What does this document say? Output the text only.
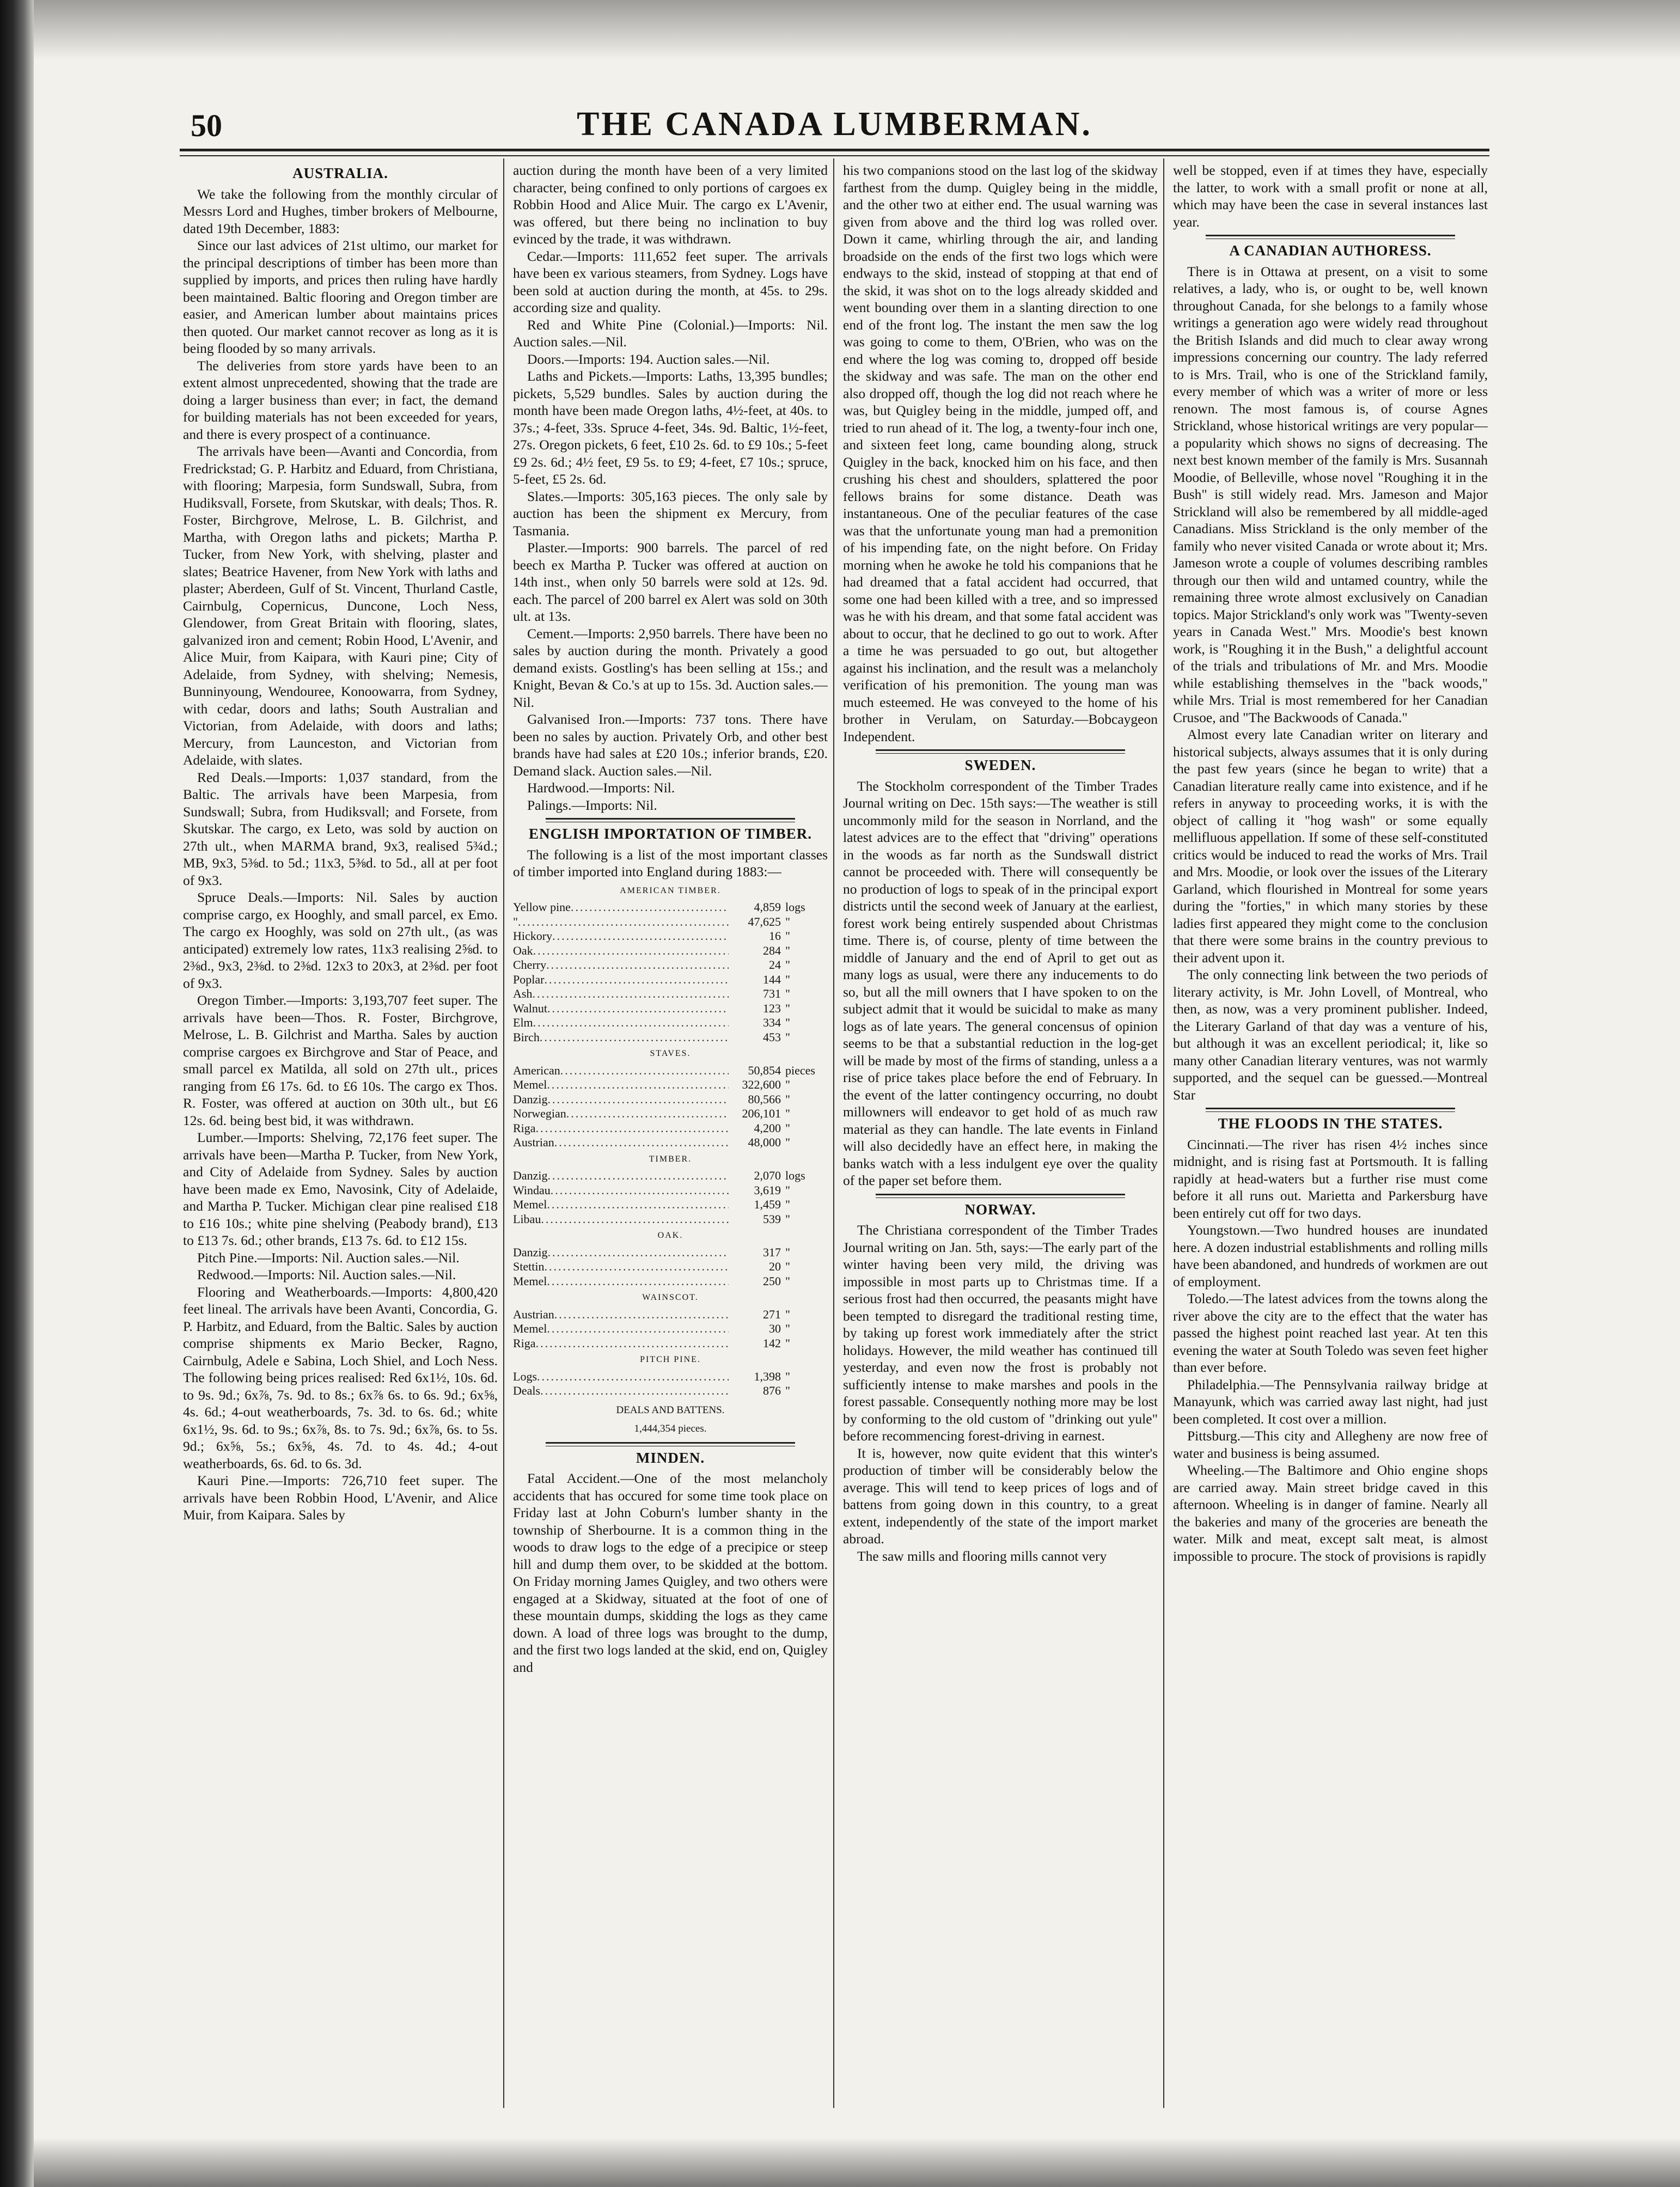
50	THE CANADA LUMBERMAN.
AUSTRALIA.

We take the following from the monthly circular of Messrs Lord and Hughes, timber brokers of Melbourne, dated 19th December, 1883:

Since our last advices of 21st ultimo, our market for the principal descriptions of timber has been more than supplied by imports, and prices then ruling have hardly been maintained. Baltic flooring and Oregon timber are easier, and American lumber about maintains prices then quoted. Our market cannot recover as long as it is being flooded by so many arrivals.

The deliveries from store yards have been to an extent almost unprecedented, showing that the trade are doing a larger business than ever; in fact, the demand for building materials has not been exceeded for years, and there is every prospect of a continuance.

The arrivals have been—Avanti and Concordia, from Fredrickstad; G. P. Harbitz and Eduard, from Christiana, with flooring; Marpesia, form Sundswall, Subra, from Hudiksvall, Forsete, from Skutskar, with deals; Thos. R. Foster, Birchgrove, Melrose, L. B. Gilchrist, and Martha, with Oregon laths and pickets; Martha P. Tucker, from New York, with shelving, plaster and slates; Beatrice Havener, from New York with laths and plaster; Aberdeen, Gulf of St. Vincent, Thurland Castle, Cairnbulg, Copernicus, Duncone, Loch Ness, Glendower, from Great Britain with flooring, slates, galvanized iron and cement; Robin Hood, L'Avenir, and Alice Muir, from Kaipara, with Kauri pine; City of Adelaide, from Sydney, with shelving; Nemesis, Bunninyoung, Wendouree, Konoowarra, from Sydney, with cedar, doors and laths; South Australian and Victorian, from Adelaide, with doors and laths; Mercury, from Launceston, and Victorian from Adelaide, with slates.

Red Deals.—Imports: 1,037 standard, from the Baltic. The arrivals have been Marpesia, from Sundswall; Subra, from Hudiksvall; and Forsete, from Skutskar. The cargo, ex Leto, was sold by auction on 27th ult., when MARMA brand, 9x3, realised 5¾d.; MB, 9x3, 5⅜d. to 5d.; 11x3, 5⅜d. to 5d., all at per foot of 9x3.

Spruce Deals.—Imports: Nil. Sales by auction comprise cargo, ex Hooghly, and small parcel, ex Emo. The cargo ex Hooghly, was sold on 27th ult., (as was anticipated) extremely low rates, 11x3 realising 2⅝d. to 2⅜d., 9x3, 2⅜d. to 2⅜d. 12x3 to 20x3, at 2⅜d. per foot of 9x3.

Oregon Timber.—Imports: 3,193,707 feet super. The arrivals have been—Thos. R. Foster, Birchgrove, Melrose, L. B. Gilchrist and Martha. Sales by auction comprise cargoes ex Birchgrove and Star of Peace, and small parcel ex Matilda, all sold on 27th ult., prices ranging from £6 17s. 6d. to £6 10s. The cargo ex Thos. R. Foster, was offered at auction on 30th ult., but £6 12s. 6d. being best bid, it was withdrawn.

Lumber.—Imports: Shelving, 72,176 feet super. The arrivals have been—Martha P. Tucker, from New York, and City of Adelaide from Sydney. Sales by auction have been made ex Emo, Navosink, City of Adelaide, and Martha P. Tucker. Michigan clear pine realised £18 to £16 10s.; white pine shelving (Peabody brand), £13 to £13 7s. 6d.; other brands, £13 7s. 6d. to £12 15s.

Pitch Pine.—Imports: Nil. Auction sales.—Nil.

Redwood.—Imports: Nil. Auction sales.—Nil.

Flooring and Weatherboards.—Imports: 4,800,420 feet lineal. The arrivals have been Avanti, Concordia, G. P. Harbitz, and Eduard, from the Baltic. Sales by auction comprise shipments ex Mario Becker, Ragno, Cairnbulg, Adele e Sabina, Loch Shiel, and Loch Ness. The following being prices realised: Red 6x1½, 10s. 6d. to 9s. 9d.; 6x⅞, 7s. 9d. to 8s.; 6x⅞ 6s. to 6s. 9d.; 6x⅝, 4s. 6d.; 4-out weatherboards, 7s. 3d. to 6s. 6d.; white 6x1½, 9s. 6d. to 9s.; 6x⅞, 8s. to 7s. 9d.; 6x⅞, 6s. to 5s. 9d.; 6x⅝, 5s.; 6x⅝, 4s. 7d. to 4s. 4d.; 4-out weatherboards, 6s. 6d. to 6s. 3d.

Kauri Pine.—Imports: 726,710 feet super. The arrivals have been Robbin Hood, L'Avenir, and Alice Muir, from Kaipara. Sales by

auction during the month have been of a very limited character, being confined to only portions of cargoes ex Robbin Hood and Alice Muir. The cargo ex L'Avenir, was offered, but there being no inclination to buy evinced by the trade, it was withdrawn.

Cedar.—Imports: 111,652 feet super. The arrivals have been ex various steamers, from Sydney. Logs have been sold at auction during the month, at 45s. to 29s. according size and quality.

Red and White Pine (Colonial.)—Imports: Nil. Auction sales.—Nil.

Doors.—Imports: 194. Auction sales.—Nil.

Laths and Pickets.—Imports: Laths, 13,395 bundles; pickets, 5,529 bundles. Sales by auction during the month have been made Oregon laths, 4½-feet, at 40s. to 37s.; 4-feet, 33s. Spruce 4-feet, 34s. 9d. Baltic, 1½-feet, 27s. Oregon pickets, 6 feet, £10 2s. 6d. to £9 10s.; 5-feet £9 2s. 6d.; 4½ feet, £9 5s. to £9; 4-feet, £7 10s.; spruce, 5-feet, £5 2s. 6d.

Slates.—Imports: 305,163 pieces. The only sale by auction has been the shipment ex Mercury, from Tasmania.

Plaster.—Imports: 900 barrels. The parcel of red beech ex Martha P. Tucker was offered at auction on 14th inst., when only 50 barrels were sold at 12s. 9d. each. The parcel of 200 barrel ex Alert was sold on 30th ult. at 13s.

Cement.—Imports: 2,950 barrels. There have been no sales by auction during the month. Privately a good demand exists. Gostling's has been selling at 15s.; and Knight, Bevan & Co.'s at up to 15s. 3d. Auction sales.—Nil.

Galvanised Iron.—Imports: 737 tons. There have been no sales by auction. Privately Orb, and other best brands have had sales at £20 10s.; inferior brands, £20. Demand slack. Auction sales.—Nil.

Hardwood.—Imports: Nil.

Palings.—Imports: Nil.

ENGLISH IMPORTATION OF TIMBER.

The following is a list of the most important classes of timber imported into England during 1883:—

AMERICAN TIMBER.
Yellow pine .....	4,859 logs
" .....	47,625 "
Hickory .....	16 "
Oak .....	284 "
Cherry .....	24 "
Poplar .....	144 "
Ash .....	731 "
Walnut .....	123 "
Elm .....	334 "
Birch .....	453 "
STAVES.
American .....	50,854 pieces
Memel .....	322,600 "
Danzig .....	80,566 "
Norwegian .....	206,101 "
Riga .....	4,200 "
Austrian .....	48,000 "
TIMBER.
Danzig .....	2,070 logs
Windau .....	3,619 "
Memel .....	1,459 "
Libau .....	539 "
OAK.
Danzig .....	317 "
Stettin .....	20 "
Memel .....	250 "
WAINSCOT.
Austrian .....	271 "
Memel .....	30 "
Riga .....	142 "
PITCH PINE.
Logs .....	1,398 "
Deals .....	876 "
DEALS AND BATTENS.
1,444,354 pieces.
MINDEN.

Fatal Accident.—One of the most melancholy accidents that has occured for some time took place on Friday last at John Coburn's lumber shanty in the township of Sherbourne. It is a common thing in the woods to draw logs to the edge of a precipice or steep hill and dump them over, to be skidded at the bottom. On Friday morning James Quigley, and two others were engaged at a Skidway, situated at the foot of one of these mountain dumps, skidding the logs as they came down. A load of three logs was brought to the dump, and the first two logs landed at the skid, end on, Quigley and

his two companions stood on the last log of the skidway farthest from the dump. Quigley being in the middle, and the other two at either end. The usual warning was given from above and the third log was rolled over. Down it came, whirling through the air, and landing broadside on the ends of the first two logs which were endways to the skid, instead of stopping at that end of the skid, it was shot on to the logs already skidded and went bounding over them in a slanting direction to one end of the front log. The instant the men saw the log was going to come to them, O'Brien, who was on the end where the log was coming to, dropped off beside the skidway and was safe. The man on the other end also dropped off, though the log did not reach where he was, but Quigley being in the middle, jumped off, and tried to run ahead of it. The log, a twenty-four inch one, and sixteen feet long, came bounding along, struck Quigley in the back, knocked him on his face, and then crushing his chest and shoulders, splattered the poor fellows brains for some distance. Death was instantaneous. One of the peculiar features of the case was that the unfortunate young man had a premonition of his impending fate, on the night before. On Friday morning when he awoke he told his companions that he had dreamed that a fatal accident had occurred, that some one had been killed with a tree, and so impressed was he with his dream, and that some fatal accident was about to occur, that he declined to go out to work. After a time he was persuaded to go out, but altogether against his inclination, and the result was a melancholy verification of his premonition. The young man was much esteemed. He was conveyed to the home of his brother in Verulam, on Saturday.—Bobcaygeon Independent.

SWEDEN.

The Stockholm correspondent of the Timber Trades Journal writing on Dec. 15th says:—The weather is still uncommonly mild for the season in Norrland, and the latest advices are to the effect that "driving" operations in the woods as far north as the Sundswall district cannot be proceeded with. There will consequently be no production of logs to speak of in the principal export districts until the second week of January at the earliest, forest work being entirely suspended about Christmas time. There is, of course, plenty of time between the middle of January and the end of April to get out as many logs as usual, were there any inducements to do so, but all the mill owners that I have spoken to on the subject admit that it would be suicidal to make as many logs as of late years. The general concensus of opinion seems to be that a substantial reduction in the log-get will be made by most of the firms of standing, unless a a rise of price takes place before the end of February. In the event of the latter contingency occurring, no doubt millowners will endeavor to get hold of as much raw material as they can handle. The late events in Finland will also decidedly have an effect here, in making the banks watch with a less indulgent eye over the quality of the paper set before them.

NORWAY.

The Christiana correspondent of the Timber Trades Journal writing on Jan. 5th, says:—The early part of the winter having been very mild, the driving was impossible in most parts up to Christmas time. If a serious frost had then occurred, the peasants might have been tempted to disregard the traditional resting time, by taking up forest work immediately after the strict holidays. However, the mild weather has continued till yesterday, and even now the frost is probably not sufficiently intense to make marshes and pools in the forest passable. Consequently nothing more may be lost by conforming to the old custom of "drinking out yule" before recommencing forest-driving in earnest.

It is, however, now quite evident that this winter's production of timber will be considerably below the average. This will tend to keep prices of logs and of battens from going down in this country, to a great extent, independently of the state of the import market abroad.

The saw mills and flooring mills cannot very

well be stopped, even if at times they have, especially the latter, to work with a small profit or none at all, which may have been the case in several instances last year.

A CANADIAN AUTHORESS.

There is in Ottawa at present, on a visit to some relatives, a lady, who is, or ought to be, well known throughout Canada, for she belongs to a family whose writings a generation ago were widely read throughout the British Islands and did much to clear away wrong impressions concerning our country. The lady referred to is Mrs. Trail, who is one of the Strickland family, every member of which was a writer of more or less renown. The most famous is, of course Agnes Strickland, whose historical writings are very popular—a popularity which shows no signs of decreasing. The next best known member of the family is Mrs. Susannah Moodie, of Belleville, whose novel "Roughing it in the Bush" is still widely read. Mrs. Jameson and Major Strickland will also be remembered by all middle-aged Canadians. Miss Strickland is the only member of the family who never visited Canada or wrote about it; Mrs. Jameson wrote a couple of volumes describing rambles through our then wild and untamed country, while the remaining three wrote almost exclusively on Canadian topics. Major Strickland's only work was "Twenty-seven years in Canada West." Mrs. Moodie's best known work, is "Roughing it in the Bush," a delightful account of the trials and tribulations of Mr. and Mrs. Moodie while establishing themselves in the "back woods," while Mrs. Trial is most remembered for her Canadian Crusoe, and "The Backwoods of Canada."

Almost every late Canadian writer on literary and historical subjects, always assumes that it is only during the past few years (since he began to write) that a Canadian literature really came into existence, and if he refers in anyway to proceeding works, it is with the object of calling it "hog wash" or some equally mellifluous appellation. If some of these self-constituted critics would be induced to read the works of Mrs. Trail and Mrs. Moodie, or look over the issues of the Literary Garland, which flourished in Montreal for some years during the "forties," in which many stories by these ladies first appeared they might come to the conclusion that there were some brains in the country previous to their advent upon it.

The only connecting link between the two periods of literary activity, is Mr. John Lovell, of Montreal, who then, as now, was a very prominent publisher. Indeed, the Literary Garland of that day was a venture of his, but although it was an excellent periodical; it, like so many other Canadian literary ventures, was not warmly supported, and the sequel can be guessed.—Montreal Star

THE FLOODS IN THE STATES.

Cincinnati.—The river has risen 4½ inches since midnight, and is rising fast at Portsmouth. It is falling rapidly at head-waters but a further rise must come before it all runs out. Marietta and Parkersburg have been entirely cut off for two days.

Youngstown.—Two hundred houses are inundated here. A dozen industrial establishments and rolling mills have been abandoned, and hundreds of workmen are out of employment.

Toledo.—The latest advices from the towns along the river above the city are to the effect that the water has passed the highest point reached last year. At ten this evening the water at South Toledo was seven feet higher than ever before.

Philadelphia.—The Pennsylvania railway bridge at Manayunk, which was carried away last night, had just been completed. It cost over a million.

Pittsburg.—This city and Allegheny are now free of water and business is being assumed.

Wheeling.—The Baltimore and Ohio engine shops are carried away. Main street bridge caved in this afternoon. Wheeling is in danger of famine. Nearly all the bakeries and many of the groceries are beneath the water. Milk and meat, except salt meat, is almost impossible to procure. The stock of provisions is rapidly
